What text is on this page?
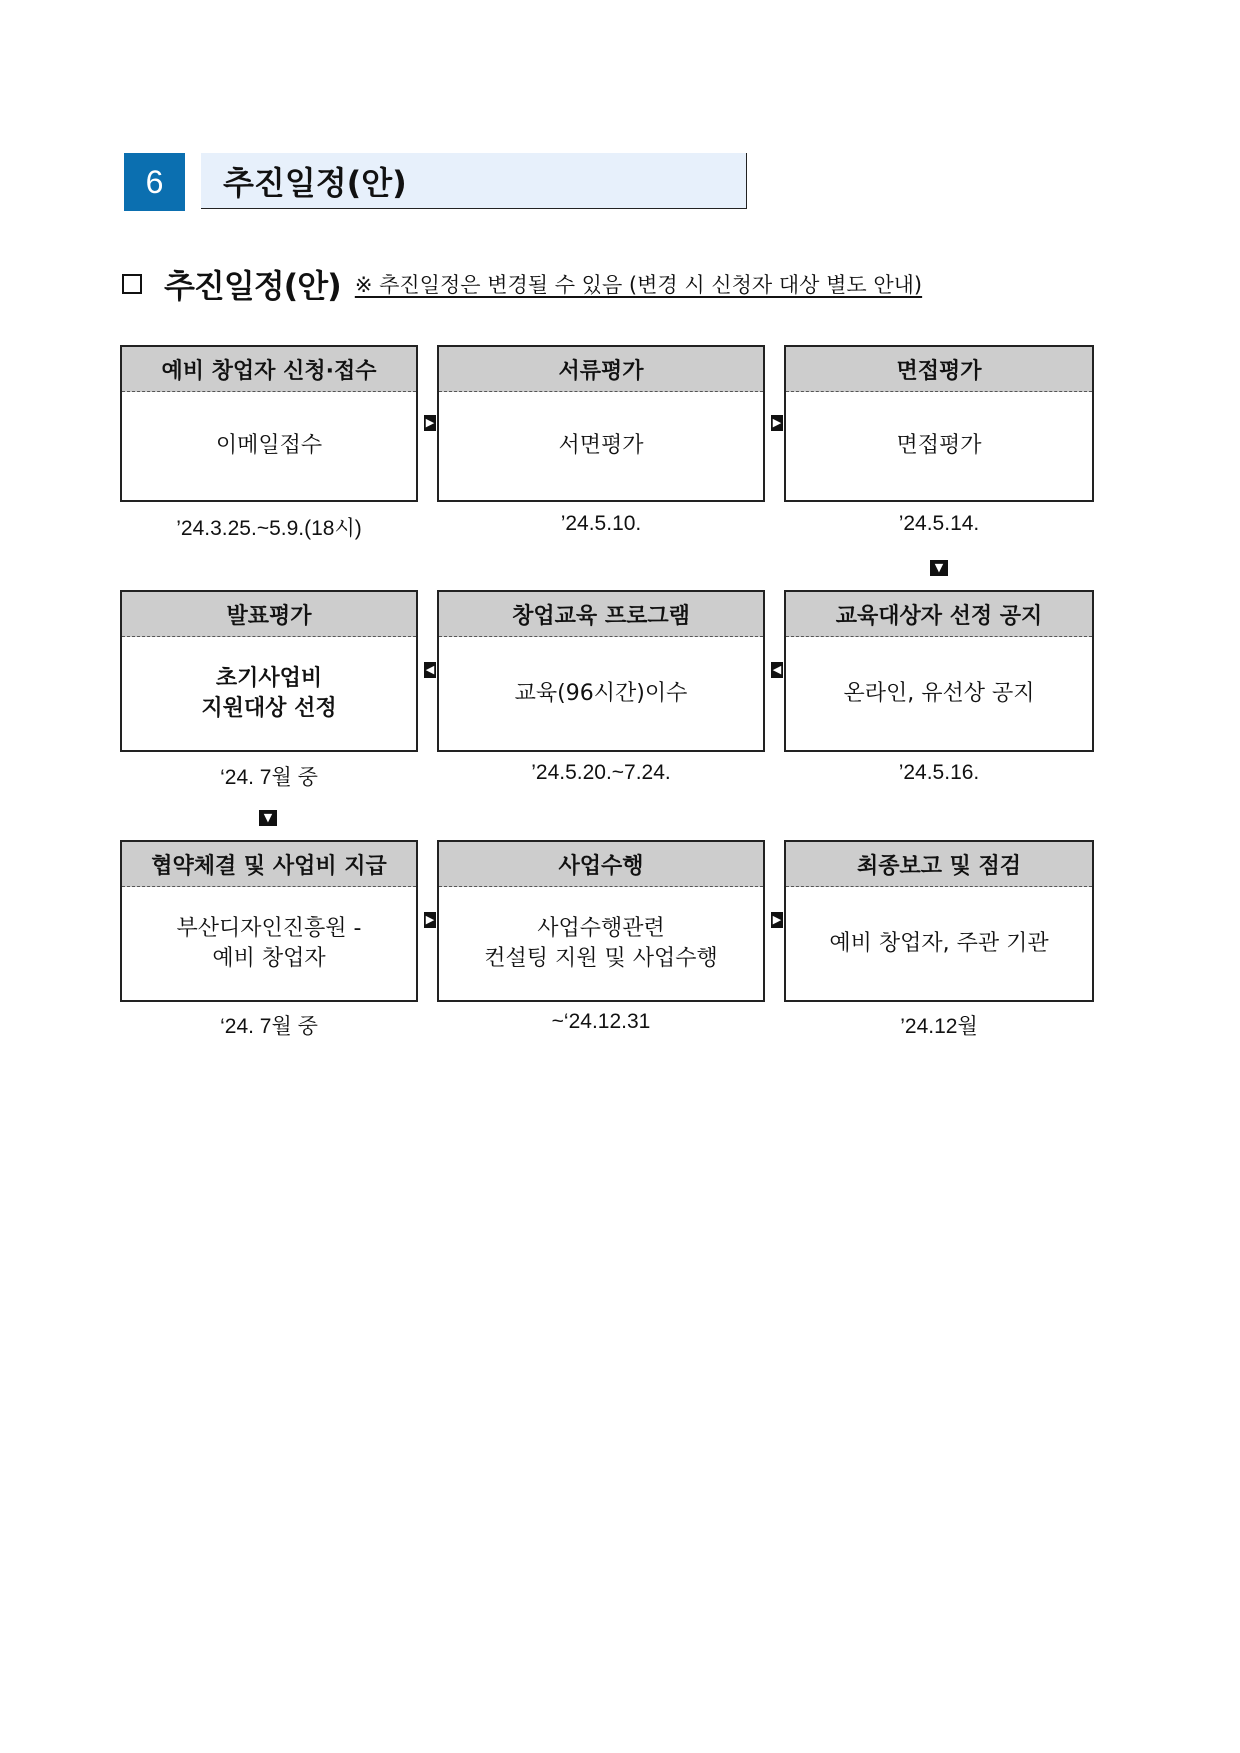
6	추진일정(안)
추진일정(안) ※ 추진일정은 변경될 수 있음 (변경 시 신청자 대상 별도 안내)
예비 창업자 신청·접수
이메일접수
’24.3.25.~5.9.(18시)
▶
서류평가
서면평가
’24.5.10.
▶
면접평가
면접평가
’24.5.14.
▼
발표평가
초기사업비
지원대상 선정
‘24. 7월 중
◀
창업교육 프로그램
교육(96시간)이수
’24.5.20.~7.24.
◀
교육대상자 선정 공지
온라인, 유선상 공지
’24.5.16.
▼
협약체결 및 사업비 지급
부산디자인진흥원 -
예비 창업자
‘24. 7월 중
▶
사업수행
사업수행관련
컨설팅 지원 및 사업수행
~‘24.12.31
▶
최종보고 및 점검
예비 창업자, 주관 기관
’24.12월
